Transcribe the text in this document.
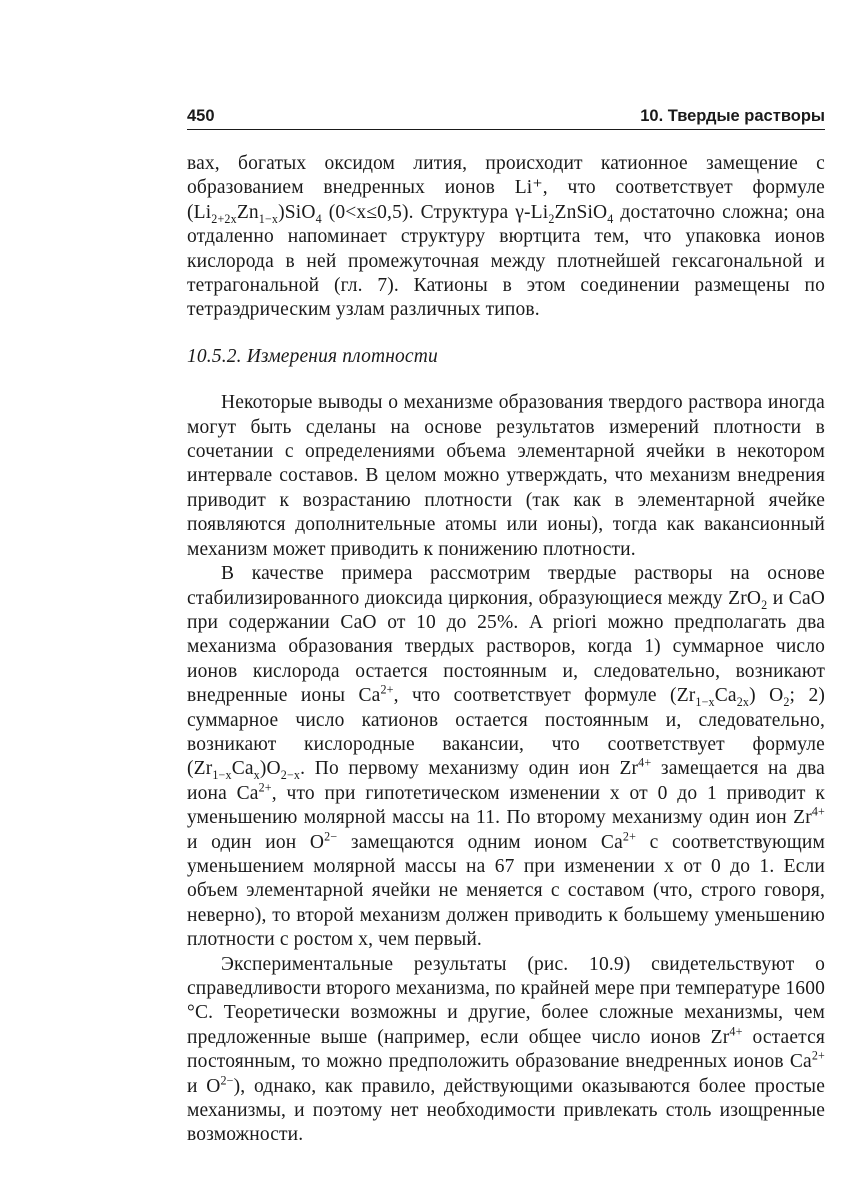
450	10. Твердые растворы

вах, богатых оксидом лития, происходит катионное замещение с образованием внедренных ионов Li⁺, что соответствует формуле $(Li_{2+2x}Zn_{1-x})SiO_4$ (0<x≤0,5). Структура $\gamma-Li_2ZnSiO_4$ достаточно сложна; она отдаленно напоминает структуру вюртцита тем, что упаковка ионов кислорода в ней промежуточная между плотнейшей гексагональной и тетрагональной (гл. 7). Катионы в этом соединении размещены по тетраэдрическим узлам различных типов.

10.5.2. Измерения плотности

Некоторые выводы о механизме образования твердого раствора иногда могут быть сделаны на основе результатов измерений плотности в сочетании с определениями объема элементарной ячейки в некотором интервале составов. В целом можно утверждать, что механизм внедрения приводит к возрастанию плотности (так как в элементарной ячейке появляются дополнительные атомы или ионы), тогда как вакансионный механизм может приводить к понижению плотности.

В качестве примера рассмотрим твердые растворы на основе стабилизированного диоксида циркония, образующиеся между ZrO$_2$ и CaO при содержании CaO от 10 до 25%. A priori можно предполагать два механизма образования твердых растворов, когда 1) суммарное число ионов кислорода остается постоянным и, следовательно, возникают внедренные ионы $Ca^{2+}$, что соответствует формуле $(Zr_{1-x}Ca_{2x})$ $O_2$; 2) суммарное число катионов остается постоянным и, следовательно, возникают кислородные вакансии, что соответствует формуле $(Zr_{1-x}Ca_x)O_{2-x}$. По первому механизму один ион $Zr^{4+}$ замещается на два иона $Ca^{2+}$, что при гипотетическом изменении x от 0 до 1 приводит к уменьшению молярной массы на 11. По второму механизму один ион $Zr^{4+}$ и один ион $O^{2-}$ замещаются одним ионом $Ca^{2+}$ с соответствующим уменьшением молярной массы на 67 при изменении x от 0 до 1. Если объем элементарной ячейки не меняется с составом (что, строго говоря, неверно), то второй механизм должен приводить к большему уменьшению плотности с ростом x, чем первый.

Экспериментальные результаты (рис. 10.9) свидетельствуют о справедливости второго механизма, по крайней мере при температуре 1600 °C. Теоретически возможны и другие, более сложные механизмы, чем предложенные выше (например, если общее число ионов $Zr^{4+}$ остается постоянным, то можно предположить образование внедренных ионов $Ca^{2+}$ и $O^{2-}$), однако, как правило, действующими оказываются более простые механизмы, и поэтому нет необходимости привлекать столь изощренные возможности.
